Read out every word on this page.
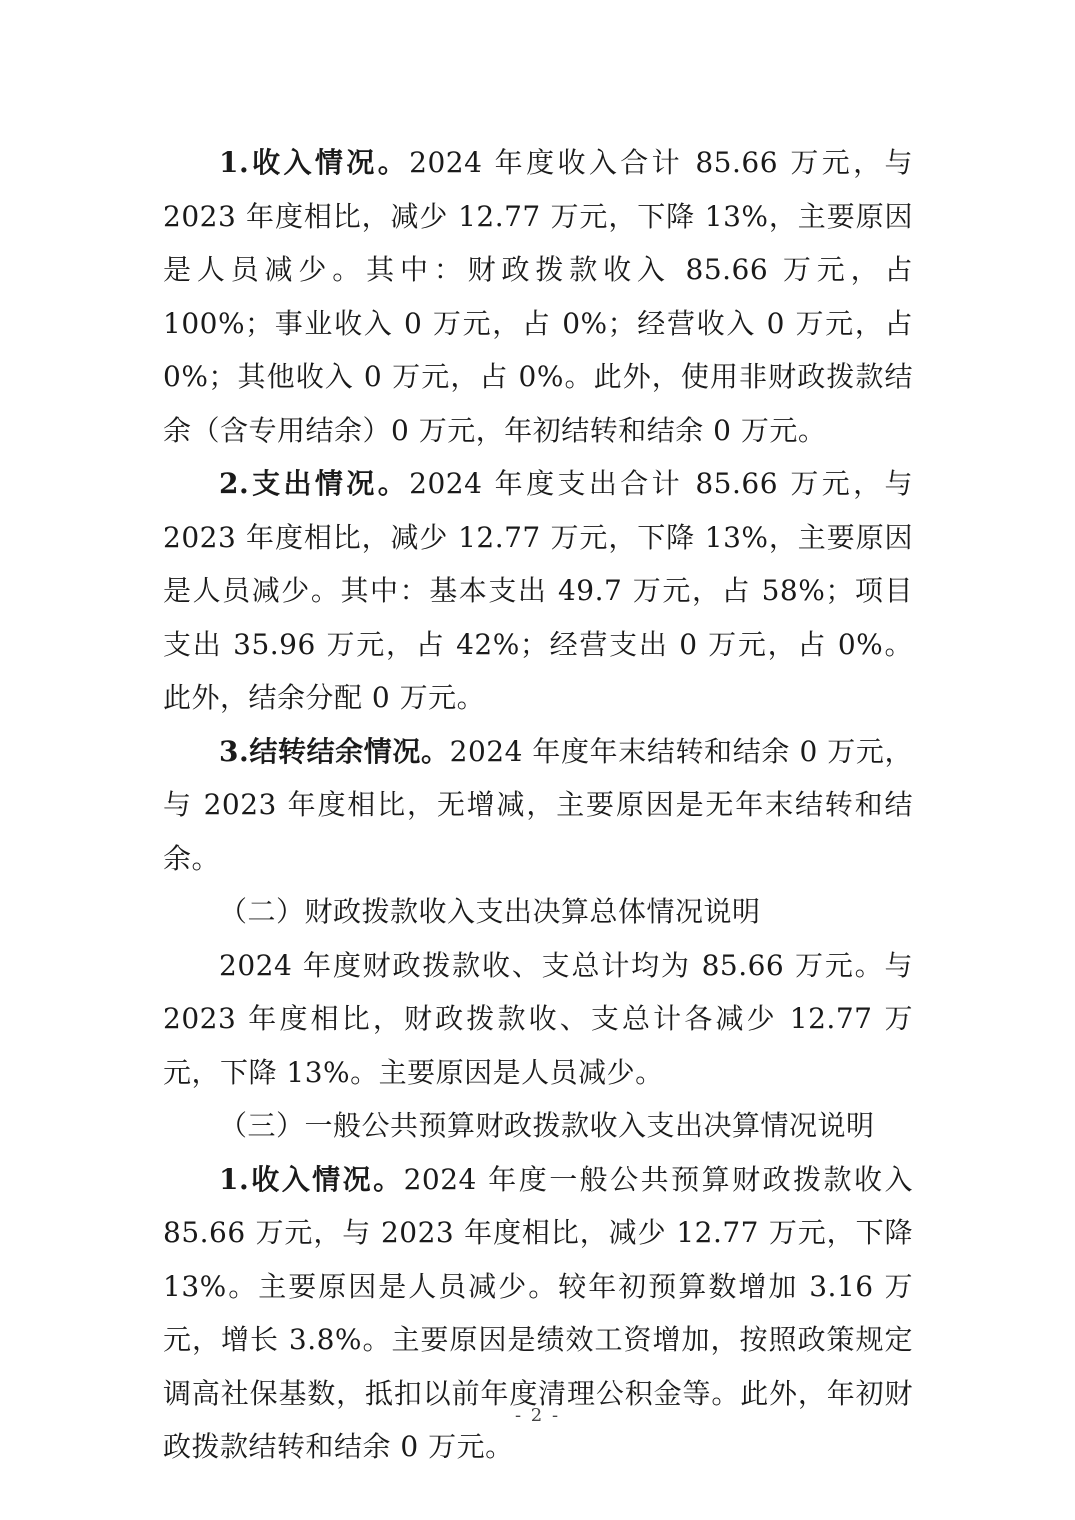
1.收入情况。2024 年度收入合计 85.66 万元，与 2023 年度相比，减少 12.77 万元，下降 13%，主要原因是人员减少。其中：财政拨款收入 85.66 万元，占 100%；事业收入 0 万元，占 0%；经营收入 0 万元，占 0%；其他收入 0 万元，占 0%。此外，使用非财政拨款结余（含专用结余）0 万元，年初结转和结余 0 万元。

2.支出情况。2024 年度支出合计 85.66 万元，与 2023 年度相比，减少 12.77 万元，下降 13%，主要原因是人员减少。其中：基本支出 49.7 万元，占 58%；项目支出 35.96 万元，占 42%；经营支出 0 万元，占 0%。此外，结余分配 0 万元。

3.结转结余情况。2024 年度年末结转和结余 0 万元，与 2023 年度相比，无增减，主要原因是无年末结转和结余。

（二）财政拨款收入支出决算总体情况说明

2024 年度财政拨款收、支总计均为 85.66 万元。与 2023 年度相比，财政拨款收、支总计各减少 12.77 万元，下降 13%。主要原因是人员减少。

（三）一般公共预算财政拨款收入支出决算情况说明

1.收入情况。2024 年度一般公共预算财政拨款收入 85.66 万元，与 2023 年度相比，减少 12.77 万元，下降 13%。主要原因是人员减少。较年初预算数增加 3.16 万元，增长 3.8%。主要原因是绩效工资增加，按照政策规定调高社保基数，抵扣以前年度清理公积金等。此外，年初财政拨款结转和结余 0 万元。

- 2 -
